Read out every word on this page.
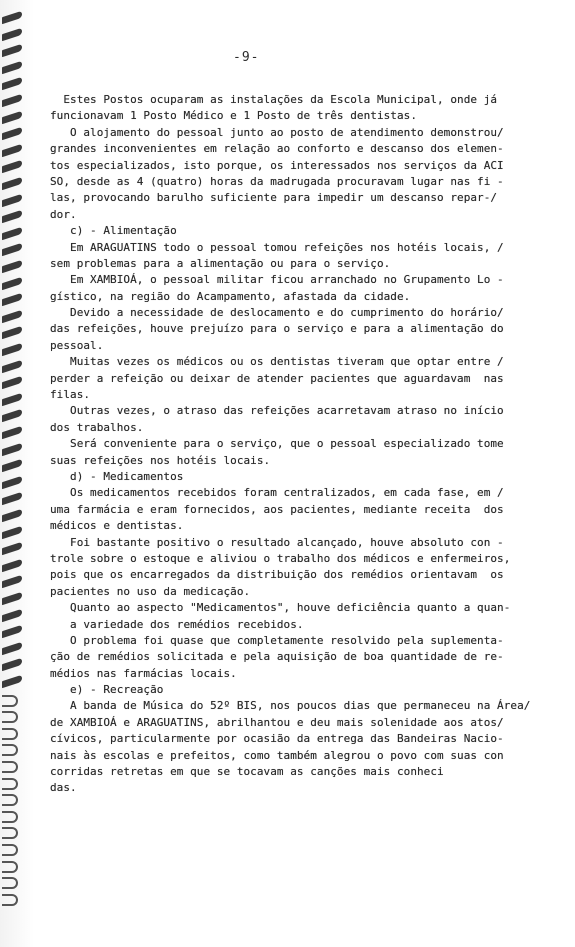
-9-
Estes Postos ocuparam as instalações da Escola Municipal, onde já
funcionavam 1 Posto Médico e 1 Posto de três dentistas.
O alojamento do pessoal junto ao posto de atendimento demonstrou/
grandes inconvenientes em relação ao conforto e descanso dos elemen-
tos especializados, isto porque, os interessados nos serviços da ACI
SO, desde as 4 (quatro) horas da madrugada procuravam lugar nas fi -
las, provocando barulho suficiente para impedir um descanso repar-/
dor.
c) - Alimentação
Em ARAGUATINS todo o pessoal tomou refeições nos hotéis locais, /
sem problemas para a alimentação ou para o serviço.
Em XAMBIOÁ, o pessoal militar ficou arranchado no Grupamento Lo -
gístico, na região do Acampamento, afastada da cidade.
Devido a necessidade de deslocamento e do cumprimento do horário/
das refeições, houve prejuízo para o serviço e para a alimentação do
pessoal.
Muitas vezes os médicos ou os dentistas tiveram que optar entre /
perder a refeição ou deixar de atender pacientes que aguardavam  nas
filas.
Outras vezes, o atraso das refeições acarretavam atraso no início
dos trabalhos.
Será conveniente para o serviço, que o pessoal especializado tome
suas refeições nos hotéis locais.
d) - Medicamentos
Os medicamentos recebidos foram centralizados, em cada fase, em /
uma farmácia e eram fornecidos, aos pacientes, mediante receita  dos
médicos e dentistas.
Foi bastante positivo o resultado alcançado, houve absoluto con -
trole sobre o estoque e aliviou o trabalho dos médicos e enfermeiros,
pois que os encarregados da distribuição dos remédios orientavam  os
pacientes no uso da medicação.
Quanto ao aspecto "Medicamentos", houve deficiência quanto a quan-
a variedade dos remédios recebidos.
O problema foi quase que completamente resolvido pela suplementa-
ção de remédios solicitada e pela aquisição de boa quantidade de re-
médios nas farmácias locais.
e) - Recreação
A banda de Música do 52º BIS, nos poucos dias que permaneceu na Área/
de XAMBIOÁ e ARAGUATINS, abrilhantou e deu mais solenidade aos atos/
cívicos, particularmente por ocasião da entrega das Bandeiras Nacio-
nais às escolas e prefeitos, como também alegrou o povo com suas con
corridas retretas em que se tocavam as canções mais conheci
das.
